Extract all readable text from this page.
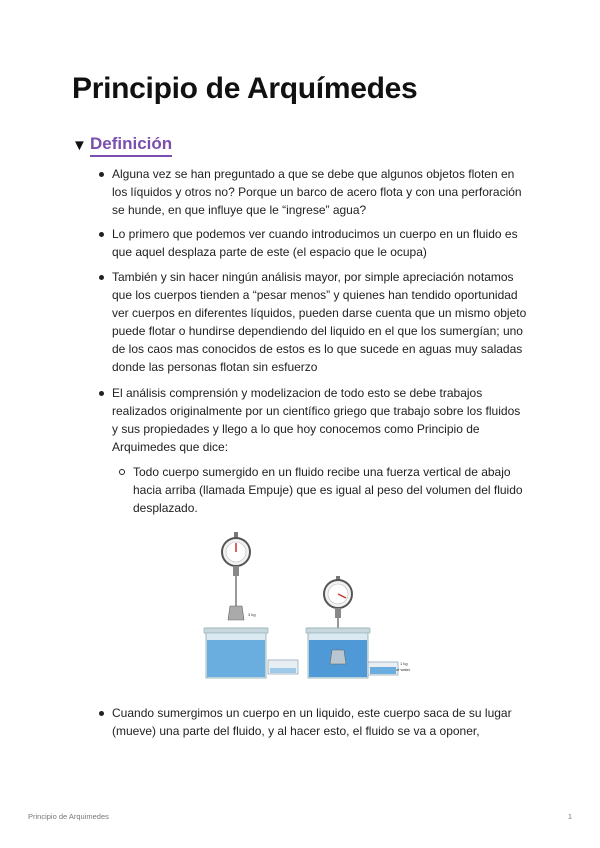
Principio de Arquímedes
▼ Definición
Alguna vez se han preguntado a que se debe que algunos objetos floten en los líquidos y otros no? Porque un barco de acero flota y con una perforación se hunde, en que influye que le “ingrese” agua?
Lo primero que podemos ver cuando introducimos un cuerpo en un fluido es que aquel desplaza parte de este (el espacio que le ocupa)
También y sin hacer ningún análisis mayor, por simple apreciación notamos que los cuerpos tienden a “pesar menos” y quienes han tendido oportunidad ver cuerpos en diferentes líquidos, pueden darse cuenta que un mismo objeto puede flotar o hundirse dependiendo del liquido en el que los sumergían; uno de los caos mas conocidos de estos es lo que sucede en aguas muy saladas donde las personas flotan sin esfuerzo
El análisis comprensión y modelizacion de todo esto se debe trabajos realizados originalmente por un científico griego que trabajo sobre los fluidos y sus propiedades y llego a lo que hoy conocemos como Principio de Arquimedes que dice:
Todo cuerpo sumergido en un fluido recibe una fuerza vertical de abajo hacia arriba (llamada Empuje) que es igual al peso del volumen del fluido desplazado.
3 kg
1 kg
of water
Cuando sumergimos un cuerpo en un liquido, este cuerpo saca de su lugar (mueve) una parte del fluido, y al hacer esto, el fluido se va a oponer,
Principio de Arquimedes	1
